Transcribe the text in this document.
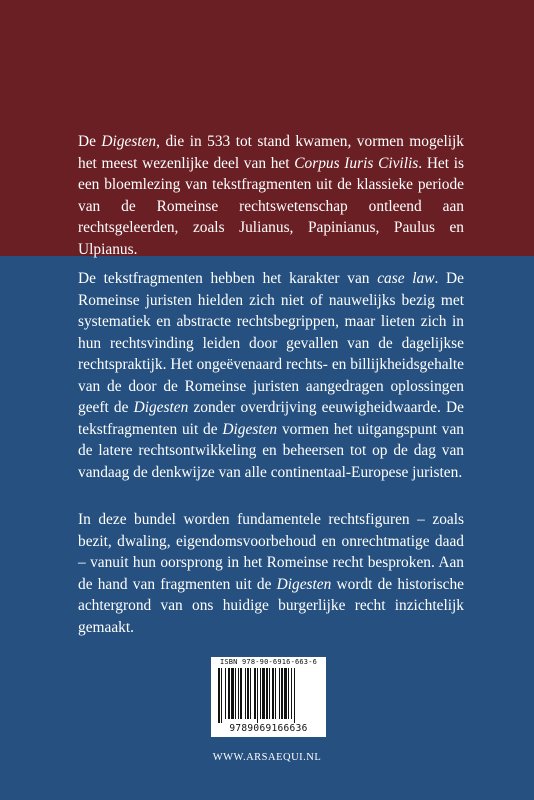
De Digesten, die in 533 tot stand kwamen, vormen mogelijk het meest wezenlijke deel van het Corpus Iuris Civilis. Het is een bloemlezing van tekstfragmenten uit de klassieke periode van de Romeinse rechtswetenschap ontleend aan rechtsgeleerden, zoals Julianus, Papinianus, Paulus en Ulpianus.

De tekstfragmenten hebben het karakter van case law. De Romeinse juristen hielden zich niet of nauwelijks bezig met systematiek en abstracte rechtsbegrippen, maar lieten zich in hun rechtsvinding leiden door gevallen van de dagelijkse rechtspraktijk. Het ongeëvenaard rechts- en billijkheidsgehalte van de door de Romeinse juristen aangedragen oplossingen geeft de Digesten zonder overdrijving eeuwigheidwaarde. De tekstfragmenten uit de Digesten vormen het uitgangspunt van de latere rechtsontwikkeling en beheersen tot op de dag van vandaag de denkwijze van alle continentaal-Europese juristen.

In deze bundel worden fundamentele rechtsfiguren – zoals bezit, dwaling, eigendomsvoorbehoud en onrechtmatige daad – vanuit hun oorsprong in het Romeinse recht besproken. Aan de hand van fragmenten uit de Digesten wordt de historische achtergrond van ons huidige burgerlijke recht inzichtelijk gemaakt.

ISBN 978-90-6916-663-6
9789069166636
WWW.ARSAEQUI.NL
